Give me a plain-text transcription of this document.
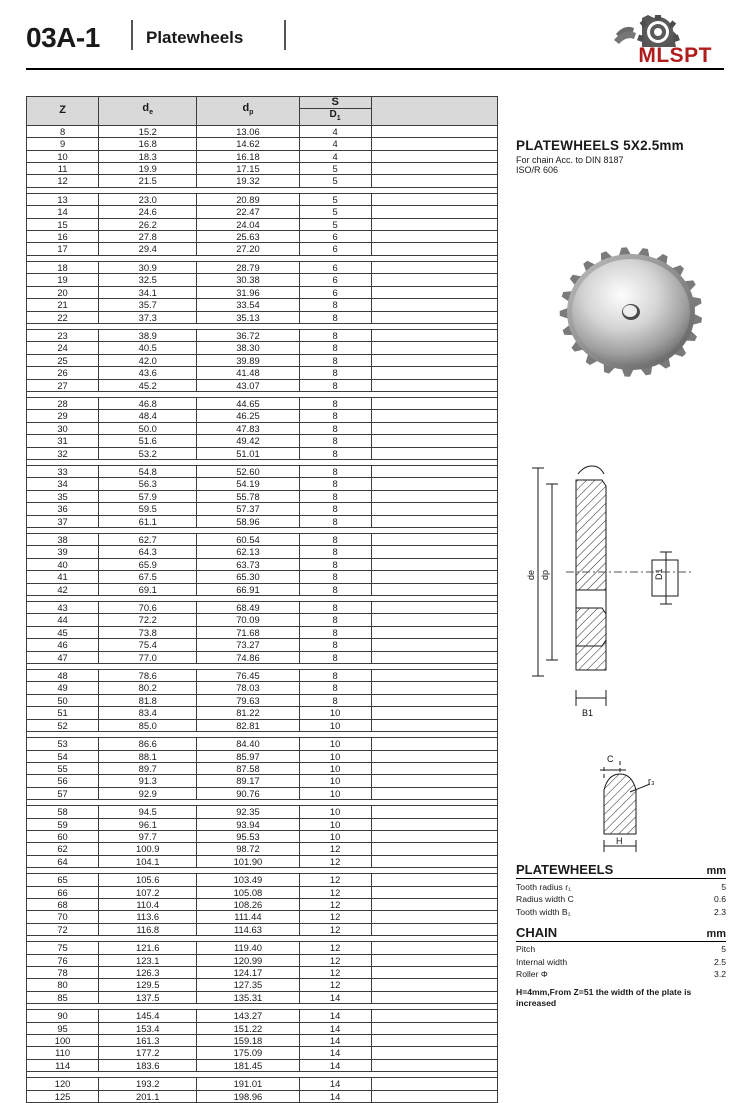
03A-1	Platewheels
MLSPT
Z	$d_e$	$d_p$	S	
			$D_1$
8	15.2	13.06	4	
9	16.8	14.62	4	
10	18.3	16.18	4	
11	19.9	17.15	5	
12	21.5	19.32	5	

13	23.0	20.89	5	
14	24.6	22.47	5	
15	26.2	24.04	5	
16	27.8	25.63	6	
17	29.4	27.20	6	

18	30.9	28.79	6	
19	32.5	30.38	6	
20	34.1	31.96	6	
21	35.7	33.54	8	
22	37.3	35.13	8	

23	38.9	36.72	8	
24	40.5	38.30	8	
25	42.0	39.89	8	
26	43.6	41.48	8	
27	45.2	43.07	8	

28	46.8	44.65	8	
29	48.4	46.25	8	
30	50.0	47.83	8	
31	51.6	49.42	8	
32	53.2	51.01	8	

33	54.8	52.60	8	
34	56.3	54.19	8	
35	57.9	55.78	8	
36	59.5	57.37	8	
37	61.1	58.96	8	

38	62.7	60.54	8	
39	64.3	62.13	8	
40	65.9	63.73	8	
41	67.5	65.30	8	
42	69.1	66.91	8	

43	70.6	68.49	8	
44	72.2	70.09	8	
45	73.8	71.68	8	
46	75.4	73.27	8	
47	77.0	74.86	8	

48	78.6	76.45	8	
49	80.2	78.03	8	
50	81.8	79.63	8	
51	83.4	81.22	10	
52	85.0	82.81	10	

53	86.6	84.40	10	
54	88.1	85.97	10	
55	89.7	87.58	10	
56	91.3	89.17	10	
57	92.9	90.76	10	

58	94.5	92.35	10	
59	96.1	93.94	10	
60	97.7	95.53	10	
62	100.9	98.72	12	
64	104.1	101.90	12	

65	105.6	103.49	12	
66	107.2	105.08	12	
68	110.4	108.26	12	
70	113.6	111.44	12	
72	116.8	114.63	12	

75	121.6	119.40	12	
76	123.1	120.99	12	
78	126.3	124.17	12	
80	129.5	127.35	12	
85	137.5	135.31	14	

90	145.4	143.27	14	
95	153.4	151.22	14	
100	161.3	159.18	14	
110	177.2	175.09	14	
114	183.6	181.45	14	

120	193.2	191.01	14	
125	201.1	198.96	14	
PLATEWHEELS 5X2.5mm
For chain Acc. to DIN 8187
ISO/R 606
de dp	D1
B1
C
r₃
H
PLATEWHEELS	mm
Tooth radius r₁	5
Radius width C	0.6
Tooth width B₁	2.3
CHAIN	mm
Pitch	5
Internal width	2.5
Roller Φ	3.2
H=4mm,From Z=51 the width of the plate is increased
